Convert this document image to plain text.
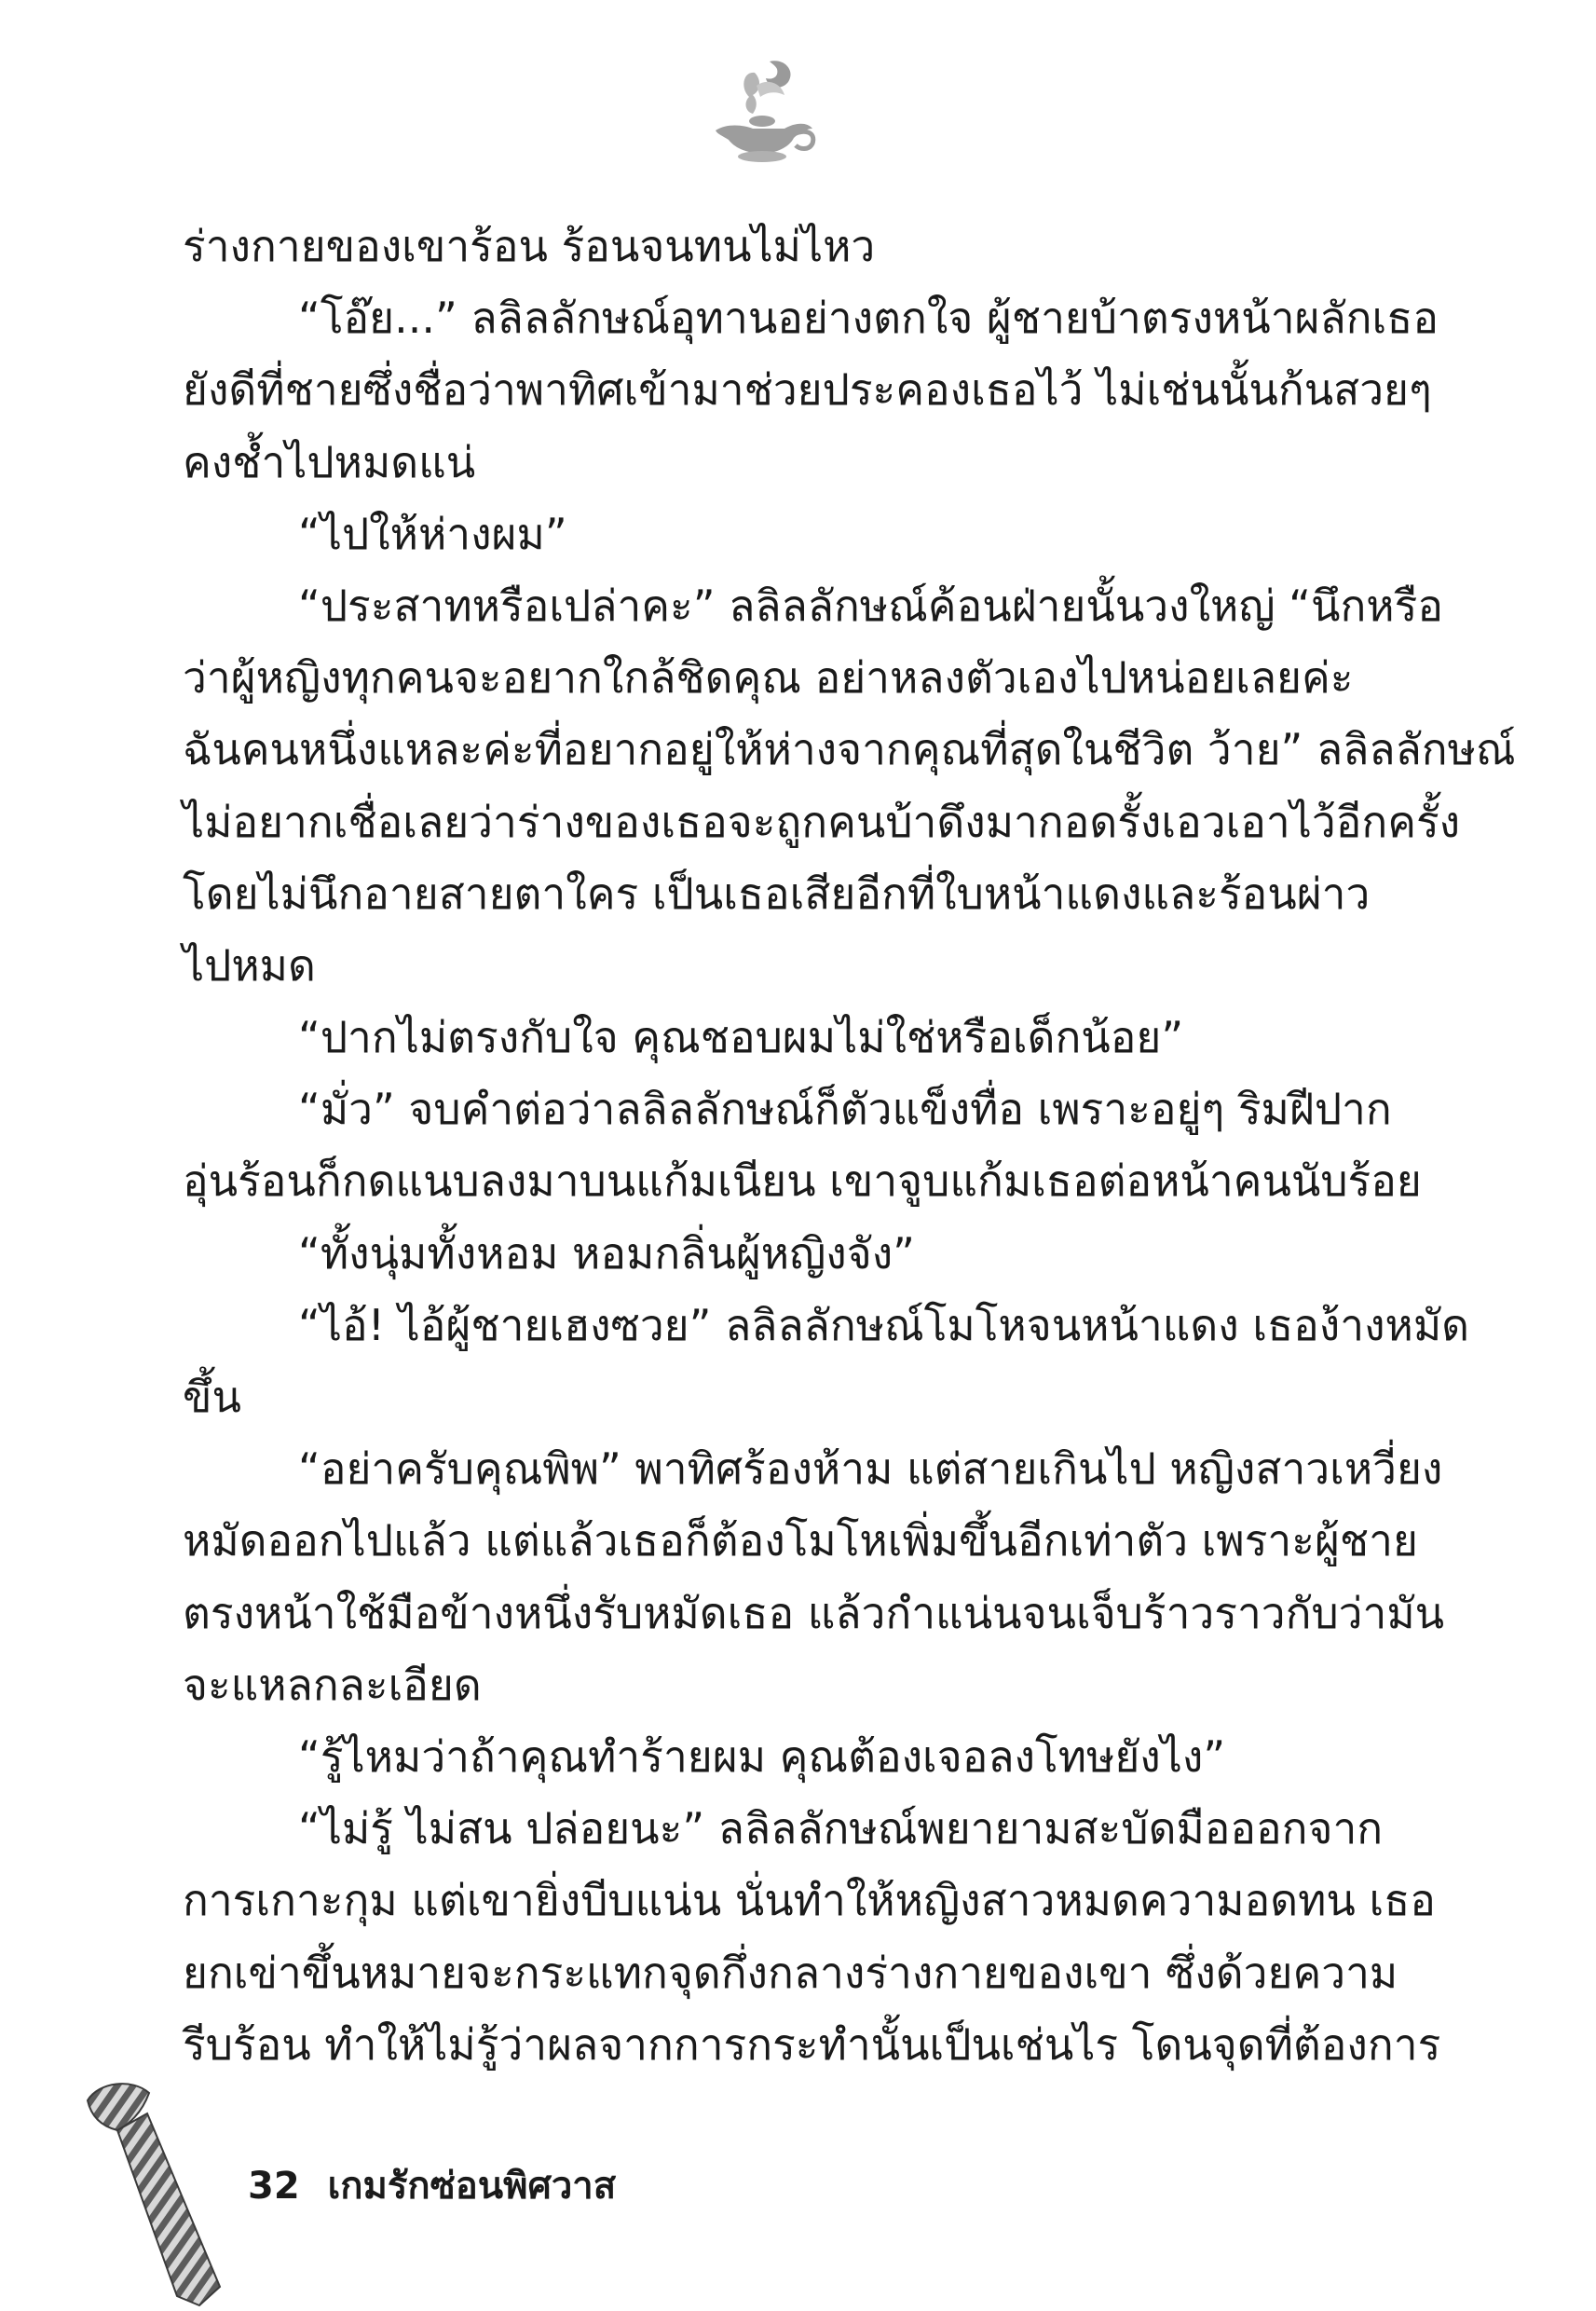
ร่างกายของเขาร้อน ร้อนจนทนไม่ไหว
“โอ๊ย...” ลลิลลักษณ์อุทานอย่างตกใจ ผู้ชายบ้าตรงหน้าผลักเธอ
ยังดีที่ชายซึ่งชื่อว่าพาทิศเข้ามาช่วยประคองเธอไว้ ไม่เช่นนั้นก้นสวยๆ
คงช้ำไปหมดแน่
“ไปให้ห่างผม”
“ประสาทหรือเปล่าคะ” ลลิลลักษณ์ค้อนฝ่ายนั้นวงใหญ่ “นึกหรือ
ว่าผู้หญิงทุกคนจะอยากใกล้ชิดคุณ อย่าหลงตัวเองไปหน่อยเลยค่ะ
ฉันคนหนึ่งแหละค่ะที่อยากอยู่ให้ห่างจากคุณที่สุดในชีวิต ว้าย” ลลิลลักษณ์
ไม่อยากเชื่อเลยว่าร่างของเธอจะถูกคนบ้าดึงมากอดรั้งเอวเอาไว้อีกครั้ง
โดยไม่นึกอายสายตาใคร เป็นเธอเสียอีกที่ใบหน้าแดงและร้อนผ่าว
ไปหมด
“ปากไม่ตรงกับใจ คุณชอบผมไม่ใช่หรือเด็กน้อย”
“มั่ว” จบคำต่อว่าลลิลลักษณ์ก็ตัวแข็งทื่อ เพราะอยู่ๆ ริมฝีปาก
อุ่นร้อนก็กดแนบลงมาบนแก้มเนียน เขาจูบแก้มเธอต่อหน้าคนนับร้อย
“ทั้งนุ่มทั้งหอม หอมกลิ่นผู้หญิงจัง”
“ไอ้! ไอ้ผู้ชายเฮงซวย” ลลิลลักษณ์โมโหจนหน้าแดง เธอง้างหมัด
ขึ้น
“อย่าครับคุณพิพ” พาทิศร้องห้าม แต่สายเกินไป หญิงสาวเหวี่ยง
หมัดออกไปแล้ว แต่แล้วเธอก็ต้องโมโหเพิ่มขึ้นอีกเท่าตัว เพราะผู้ชาย
ตรงหน้าใช้มือข้างหนึ่งรับหมัดเธอ แล้วกำแน่นจนเจ็บร้าวราวกับว่ามัน
จะแหลกละเอียด
“รู้ไหมว่าถ้าคุณทำร้ายผม คุณต้องเจอลงโทษยังไง”
“ไม่รู้ ไม่สน ปล่อยนะ” ลลิลลักษณ์พยายามสะบัดมือออกจาก
การเกาะกุม แต่เขายิ่งบีบแน่น นั่นทำให้หญิงสาวหมดความอดทน เธอ
ยกเข่าขึ้นหมายจะกระแทกจุดกึ่งกลางร่างกายของเขา ซึ่งด้วยความ
รีบร้อน ทำให้ไม่รู้ว่าผลจากการกระทำนั้นเป็นเช่นไร โดนจุดที่ต้องการ
32 เกมรักซ่อนพิศวาส
